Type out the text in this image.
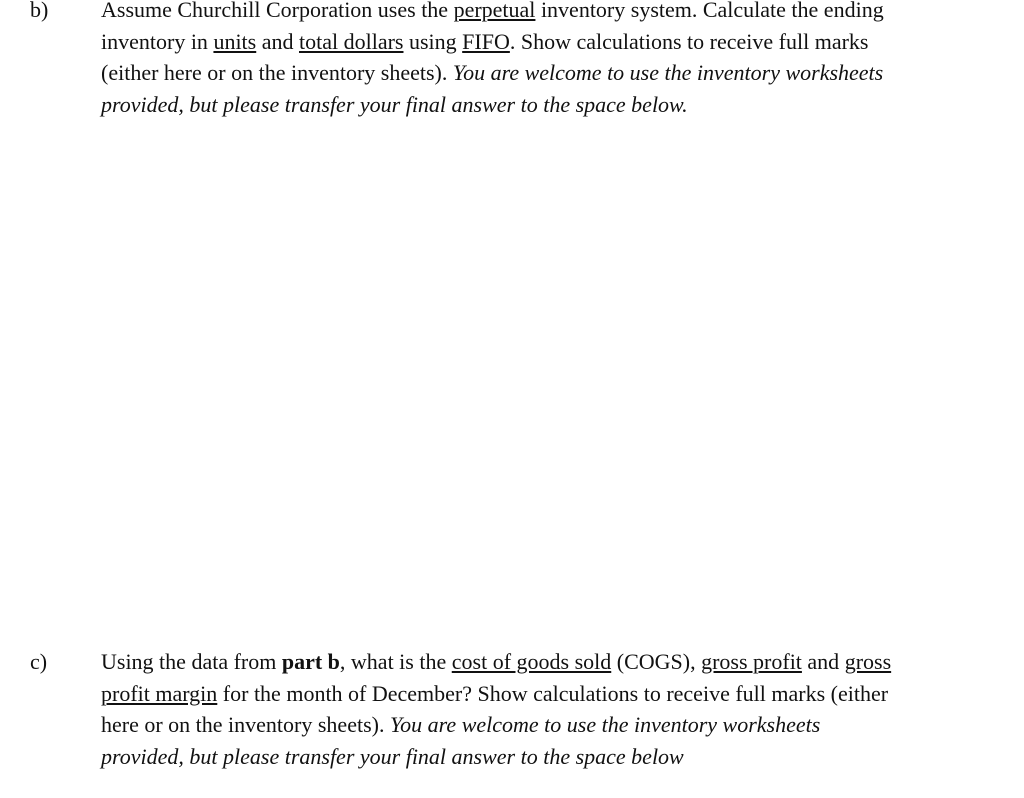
b) Assume Churchill Corporation uses the perpetual inventory system. Calculate the ending
inventory in units and total dollars using FIFO. Show calculations to receive full marks
(either here or on the inventory sheets). You are welcome to use the inventory worksheets
provided, but please transfer your final answer to the space below.
c) Using the data from part b, what is the cost of goods sold (COGS), gross profit and gross
profit margin for the month of December? Show calculations to receive full marks (either
here or on the inventory sheets). You are welcome to use the inventory worksheets
provided, but please transfer your final answer to the space below
